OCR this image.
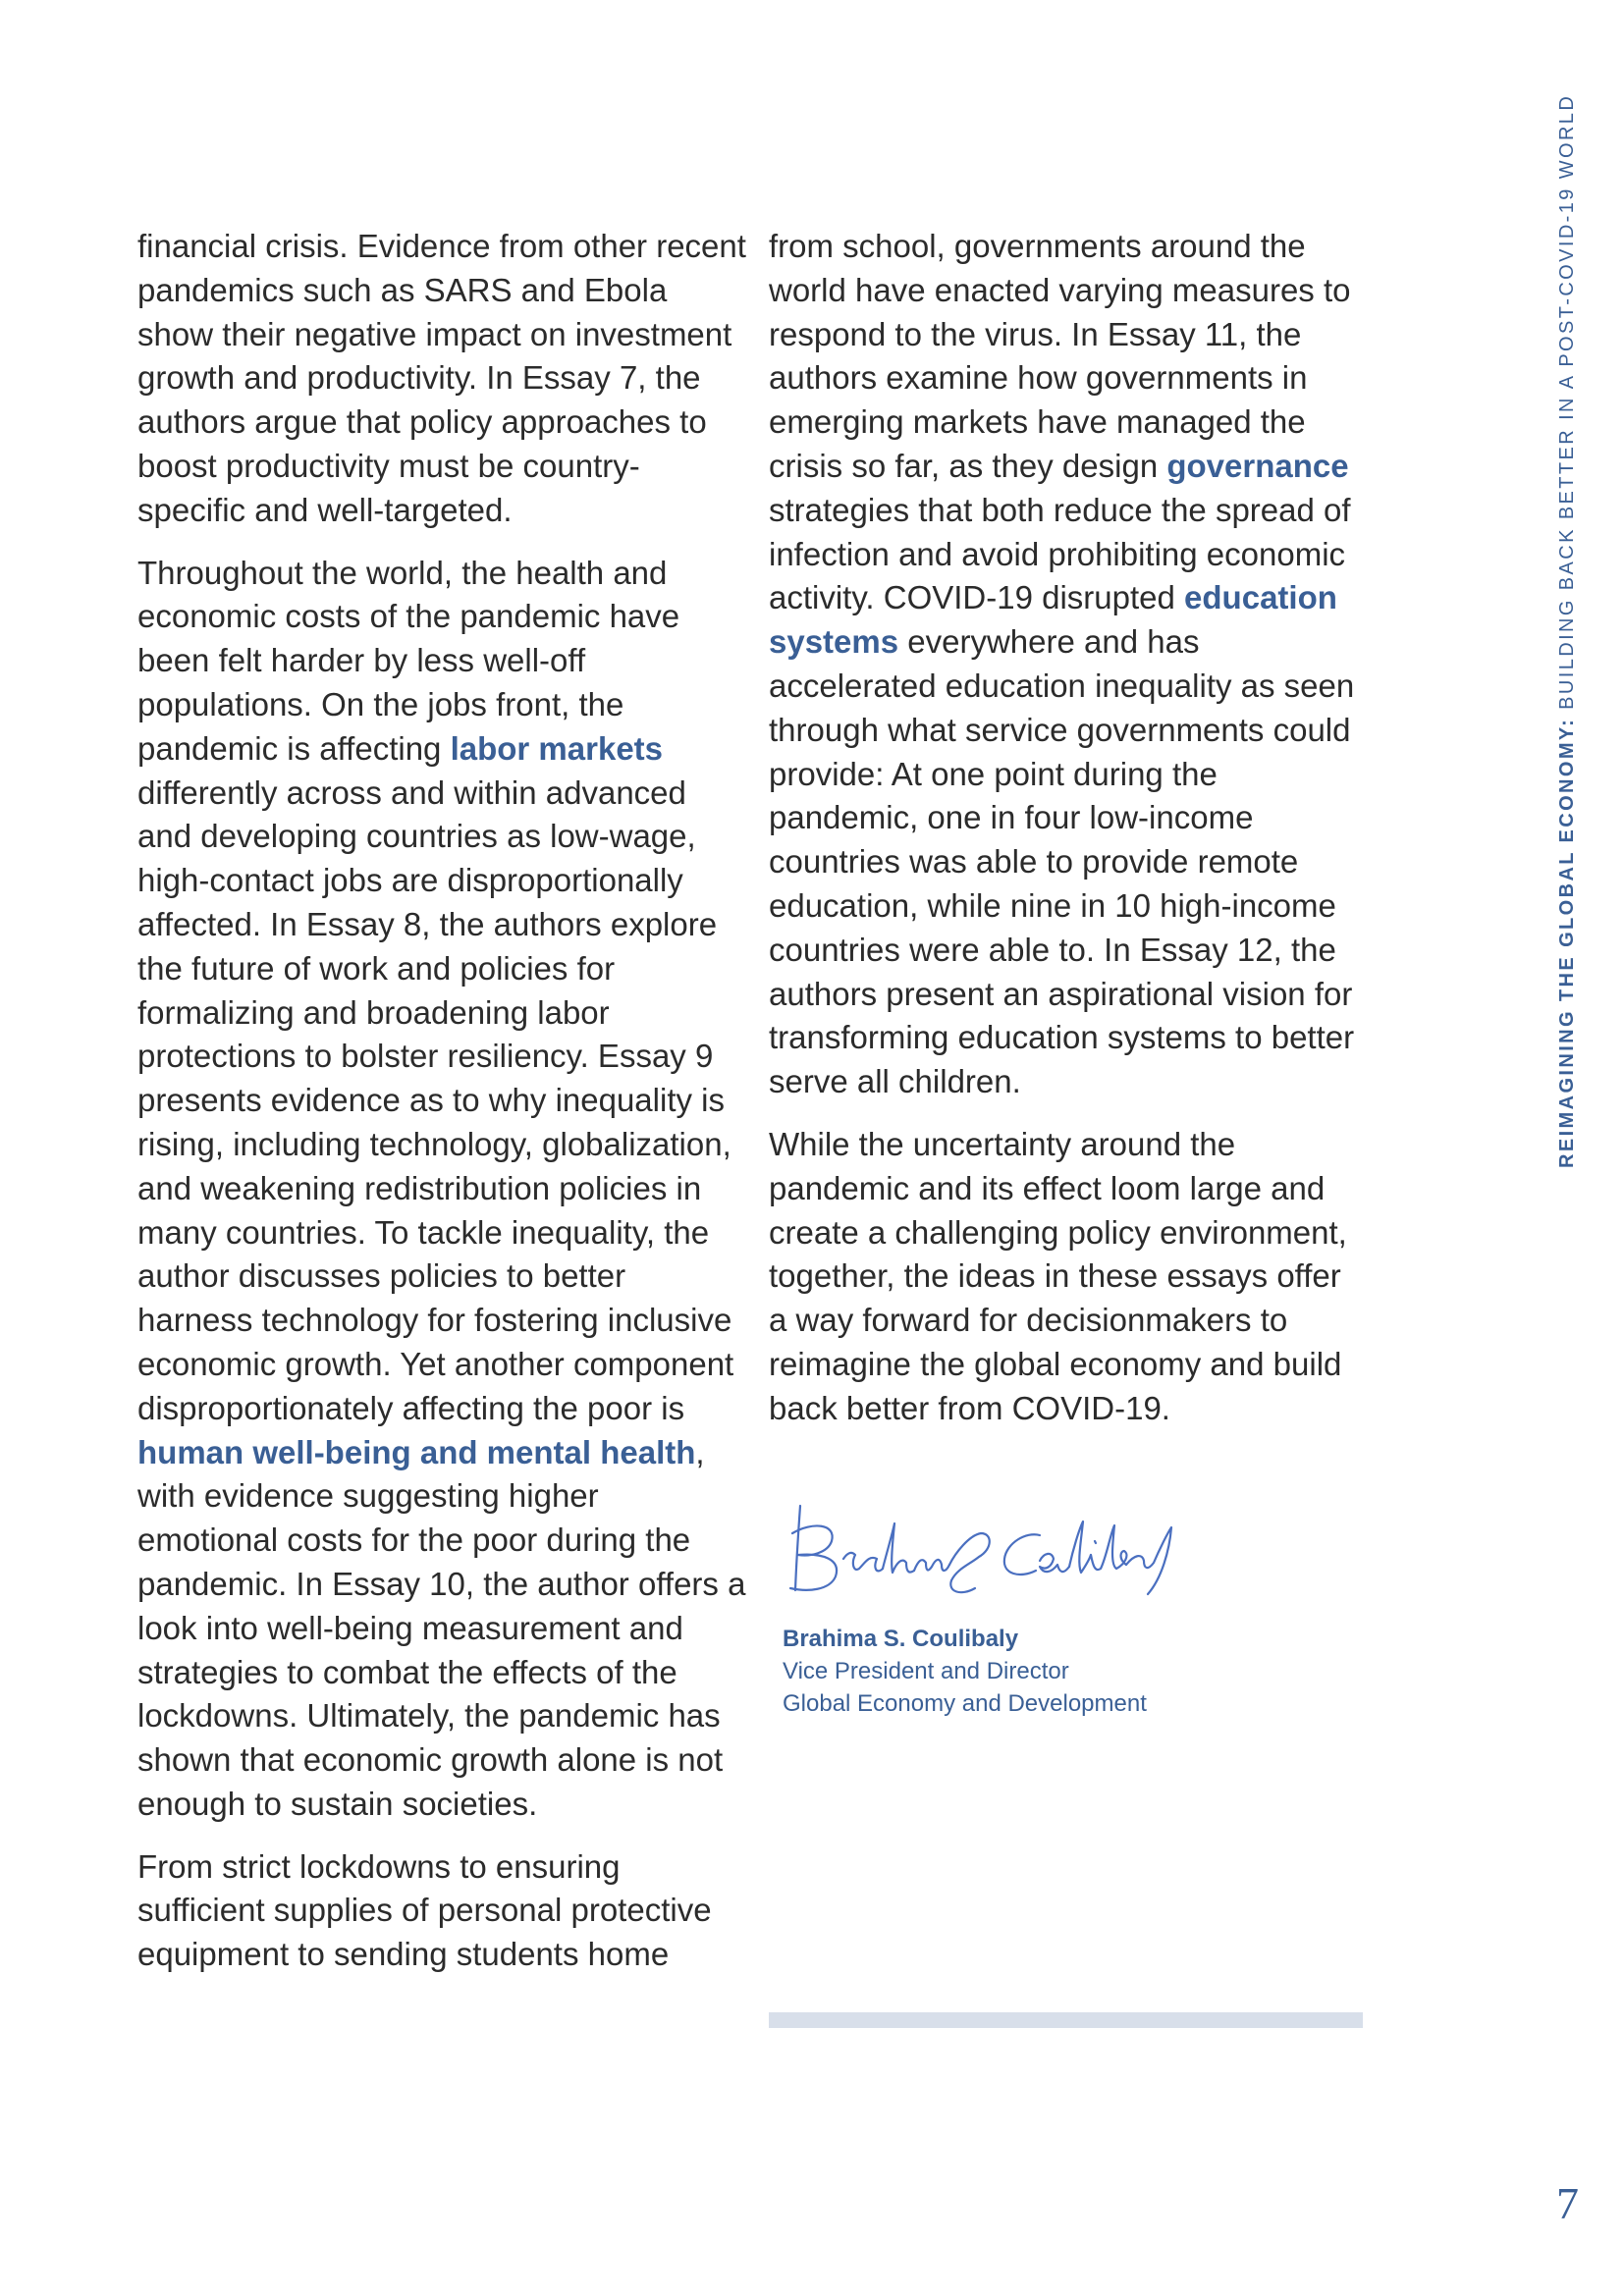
REIMAGINING THE GLOBAL ECONOMY: BUILDING BACK BETTER IN A POST-COVID-19 WORLD

financial crisis. Evidence from other recent pandemics such as SARS and Ebola show their negative impact on investment growth and productivity. In Essay 7, the authors argue that policy approaches to boost productivity must be country-specific and well-targeted.

Throughout the world, the health and economic costs of the pandemic have been felt harder by less well-off populations. On the jobs front, the pandemic is affecting labor markets differently across and within advanced and developing countries as low-wage, high-contact jobs are disproportionally affected. In Essay 8, the authors explore the future of work and policies for formalizing and broadening labor protections to bolster resiliency. Essay 9 presents evidence as to why inequality is rising, including technology, globalization, and weakening redistribution policies in many countries. To tackle inequality, the author discusses policies to better harness technology for fostering inclusive economic growth. Yet another component disproportionately affecting the poor is human well-being and mental health, with evidence suggesting higher emotional costs for the poor during the pandemic. In Essay 10, the author offers a look into well-being measurement and strategies to combat the effects of the lockdowns. Ultimately, the pandemic has shown that economic growth alone is not enough to sustain societies.

From strict lockdowns to ensuring sufficient supplies of personal protective equipment to sending students home

from school, governments around the world have enacted varying measures to respond to the virus. In Essay 11, the authors examine how governments in emerging markets have managed the crisis so far, as they design governance strategies that both reduce the spread of infection and avoid prohibiting economic activity. COVID-19 disrupted education systems everywhere and has accelerated education inequality as seen through what service governments could provide: At one point during the pandemic, one in four low-income countries was able to provide remote education, while nine in 10 high-income countries were able to. In Essay 12, the authors present an aspirational vision for transforming education systems to better serve all children.

While the uncertainty around the pandemic and its effect loom large and create a challenging policy environment, together, the ideas in these essays offer a way forward for decisionmakers to reimagine the global economy and build back better from COVID-19.

Brahima S. Coulibaly
Vice President and Director
Global Economy and Development
7
